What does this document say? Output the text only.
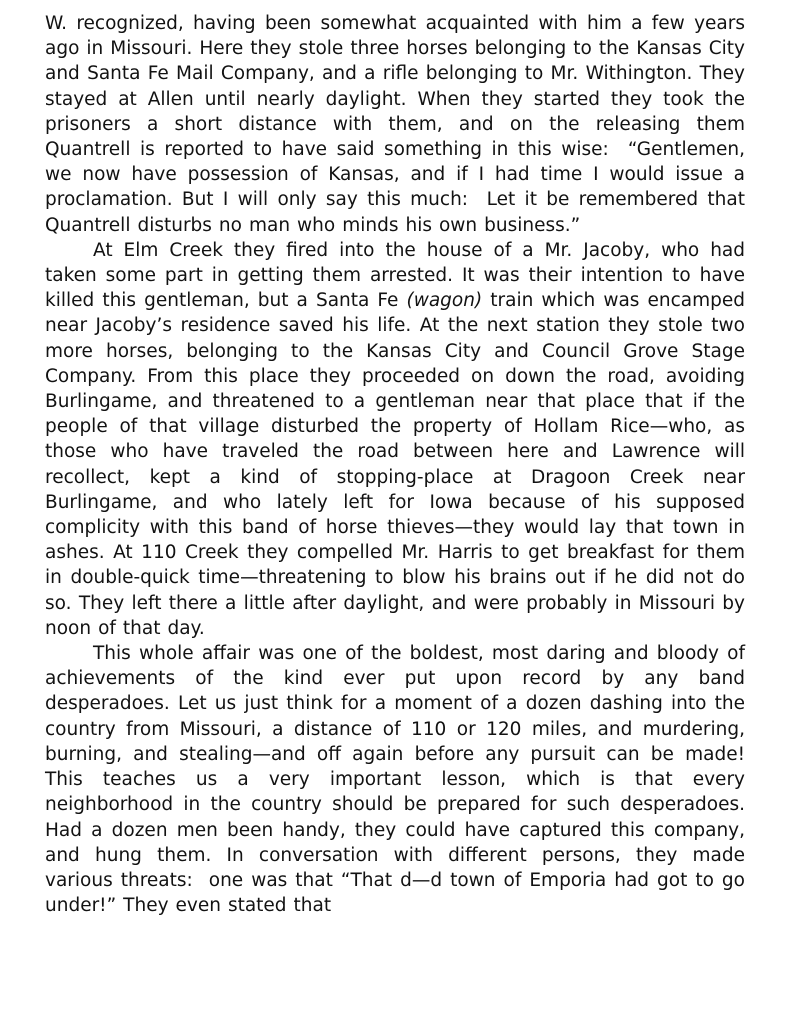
W. recognized, having been somewhat acquainted with him a few years ago in Missouri. Here they stole three horses belonging to the Kansas City and Santa Fe Mail Company, and a rifle belonging to Mr. Withington. They stayed at Allen until nearly daylight. When they started they took the prisoners a short distance with them, and on the releasing them Quantrell is reported to have said something in this wise:  “Gentlemen, we now have possession of Kansas, and if I had time I would issue a proclamation. But I will only say this much:  Let it be remembered that Quantrell disturbs no man who minds his own business.”

At Elm Creek they fired into the house of a Mr. Jacoby, who had taken some part in getting them arrested. It was their intention to have killed this gentleman, but a Santa Fe (wagon) train which was encamped near Jacoby’s residence saved his life. At the next station they stole two more horses, belonging to the Kansas City and Council Grove Stage Company. From this place they proceeded on down the road, avoiding Burlingame, and threatened to a gentleman near that place that if the people of that village disturbed the property of Hollam Rice—who, as those who have traveled the road between here and Lawrence will recollect, kept a kind of stopping-place at Dragoon Creek near Burlingame, and who lately left for Iowa because of his supposed complicity with this band of horse thieves—they would lay that town in ashes. At 110 Creek they compelled Mr. Harris to get breakfast for them in double-quick time—threatening to blow his brains out if he did not do so. They left there a little after daylight, and were probably in Missouri by noon of that day.

This whole affair was one of the boldest, most daring and bloody of achievements of the kind ever put upon record by any band desperadoes. Let us just think for a moment of a dozen dashing into the country from Missouri, a distance of 110 or 120 miles, and murdering, burning, and stealing—and off again before any pursuit can be made! This teaches us a very important lesson, which is that every neighborhood in the country should be prepared for such desperadoes. Had a dozen men been handy, they could have captured this company, and hung them. In conversation with different persons, they made various threats:  one was that “That d—d town of Emporia had got to go under!” They even stated that
